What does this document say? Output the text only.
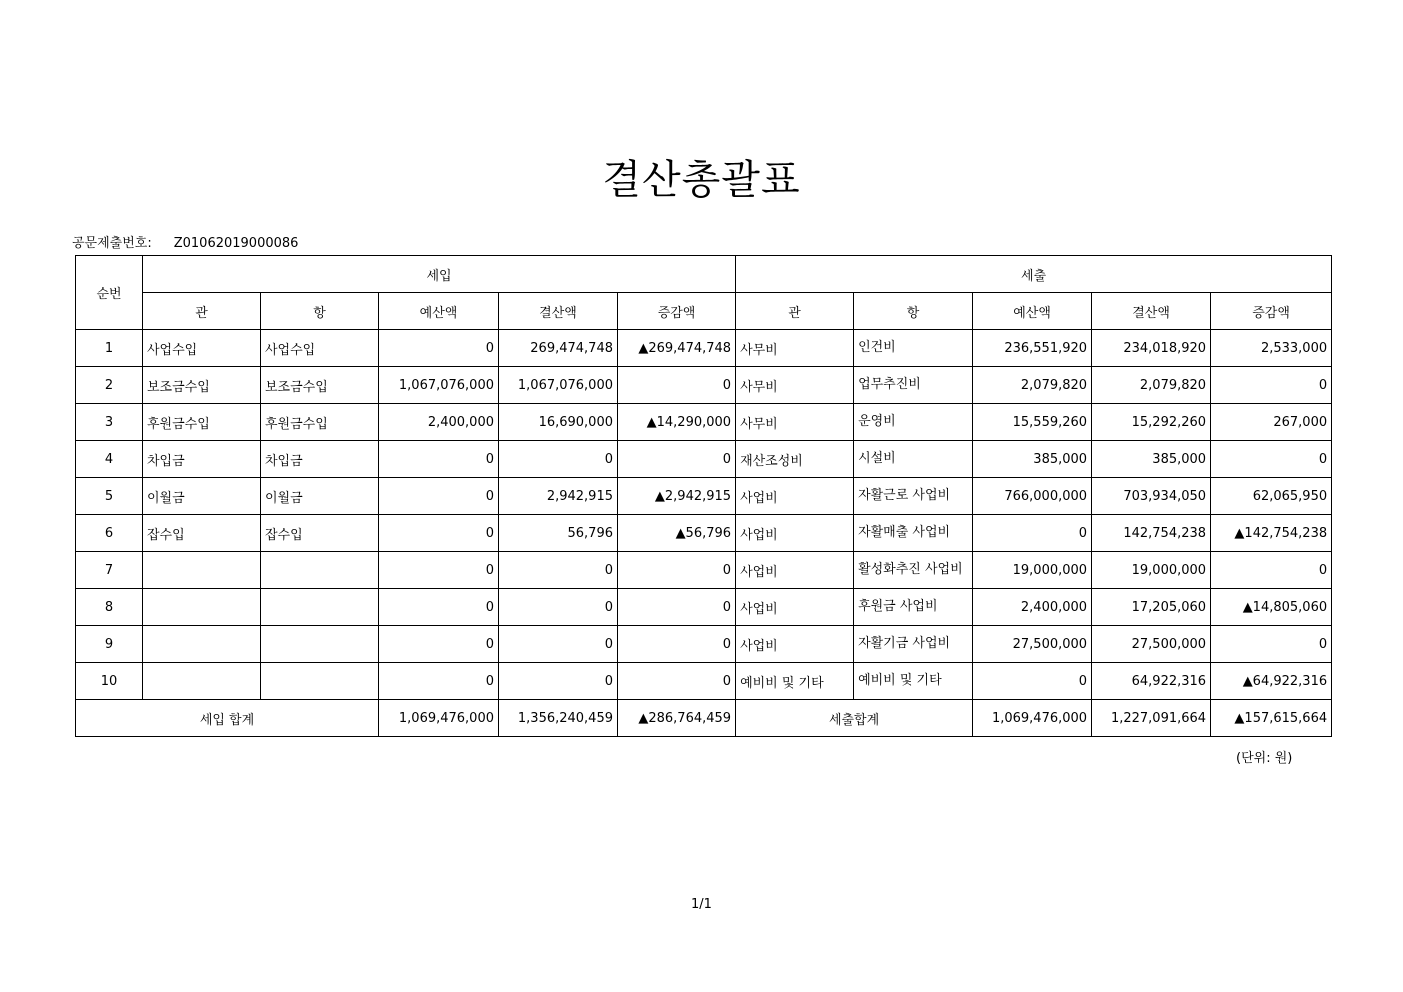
결산총괄표
공문제출번호: Z01062019000086
순번	세입					세출				
	관	항	예산액	결산액	증감액	관	항	예산액	결산액	증감액
1	사업수입	사업수입	0	269,474,748	▲269,474,748	사무비	인건비	236,551,920	234,018,920	2,533,000
2	보조금수입	보조금수입	1,067,076,000	1,067,076,000	0	사무비	업무추진비	2,079,820	2,079,820	0
3	후원금수입	후원금수입	2,400,000	16,690,000	▲14,290,000	사무비	운영비	15,559,260	15,292,260	267,000
4	차입금	차입금	0	0	0	재산조성비	시설비	385,000	385,000	0
5	이월금	이월금	0	2,942,915	▲2,942,915	사업비	자활근로 사업비	766,000,000	703,934,050	62,065,950
6	잡수입	잡수입	0	56,796	▲56,796	사업비	자활매출 사업비	0	142,754,238	▲142,754,238
7			0	0	0	사업비	활성화추진 사업비	19,000,000	19,000,000	0
8			0	0	0	사업비	후원금 사업비	2,400,000	17,205,060	▲14,805,060
9			0	0	0	사업비	자활기금 사업비	27,500,000	27,500,000	0
10			0	0	0	예비비 및 기타	예비비 및 기타	0	64,922,316	▲64,922,316
세입 합계			1,069,476,000	1,356,240,459	▲286,764,459	세출합계		1,069,476,000	1,227,091,664	▲157,615,664
(단위: 원)
1/1
